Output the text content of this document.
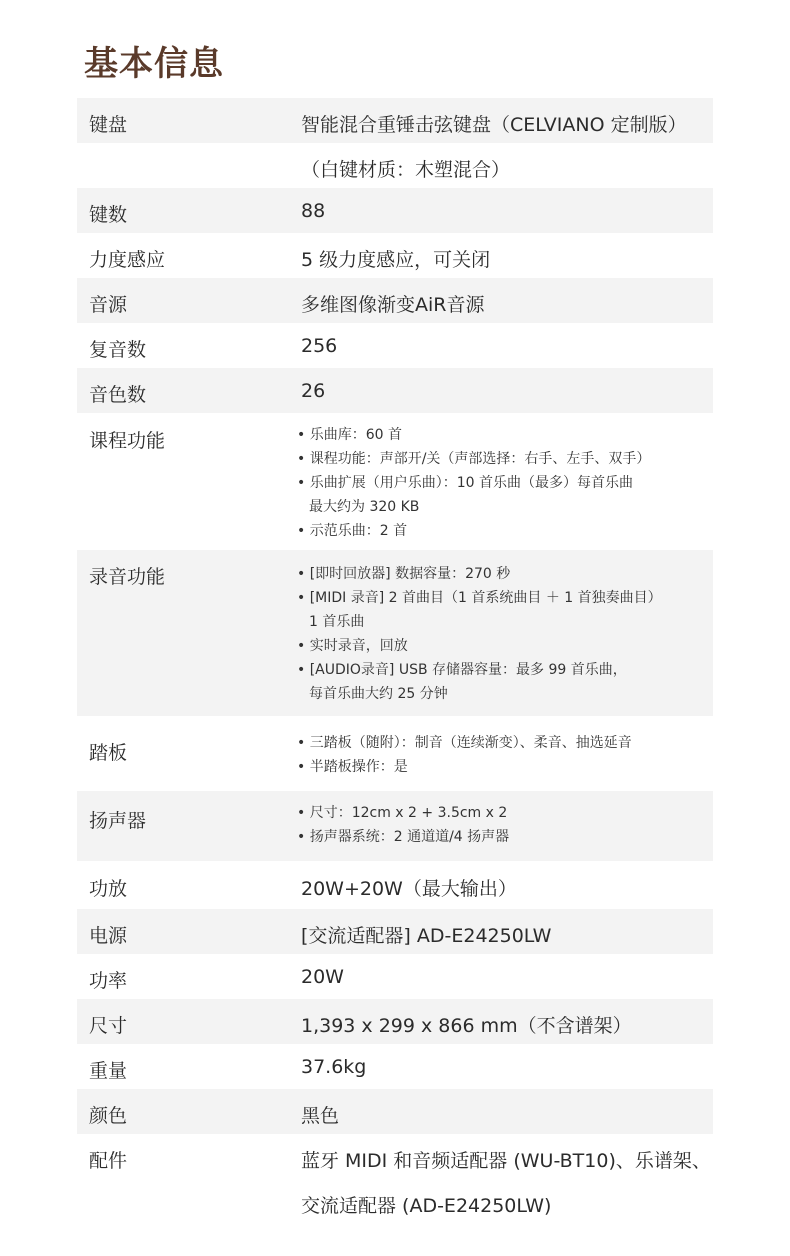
基本信息
键盘	智能混合重锤击弦键盘（CELVIANO 定制版）
（白键材质：木塑混合）
键数	88
力度感应	5 级力度感应，可关闭
音源	多维图像渐变AiR音源
复音数	256
音色数	26
课程功能	• 乐曲库：60 首
• 课程功能：声部开/关（声部选择：右手、左手、双手）
• 乐曲扩展（用户乐曲）：10 首乐曲（最多）每首乐曲
最大约为 320 KB
• 示范乐曲：2 首
录音功能	• [即时回放器] 数据容量：270 秒
• [MIDI 录音] 2 首曲目（1 首系统曲目 ＋ 1 首独奏曲目）
1 首乐曲
• 实时录音，回放
• [AUDIO录音] USB 存储器容量：最多 99 首乐曲，
每首乐曲大约 25 分钟
踏板	• 三踏板（随附）：制音（连续渐变）、柔音、抽选延音
• 半踏板操作：是
扬声器	• 尺寸：12cm x 2 + 3.5cm x 2
• 扬声器系统：2 通道道/4 扬声器
功放	20W+20W（最大输出）
电源	[交流适配器] AD-E24250LW
功率	20W
尺寸	1,393 x 299 x 866 mm（不含谱架）
重量	37.6kg
颜色	黑色
配件	蓝牙 MIDI 和音频适配器 (WU-BT10)、乐谱架、
交流适配器 (AD-E24250LW)
